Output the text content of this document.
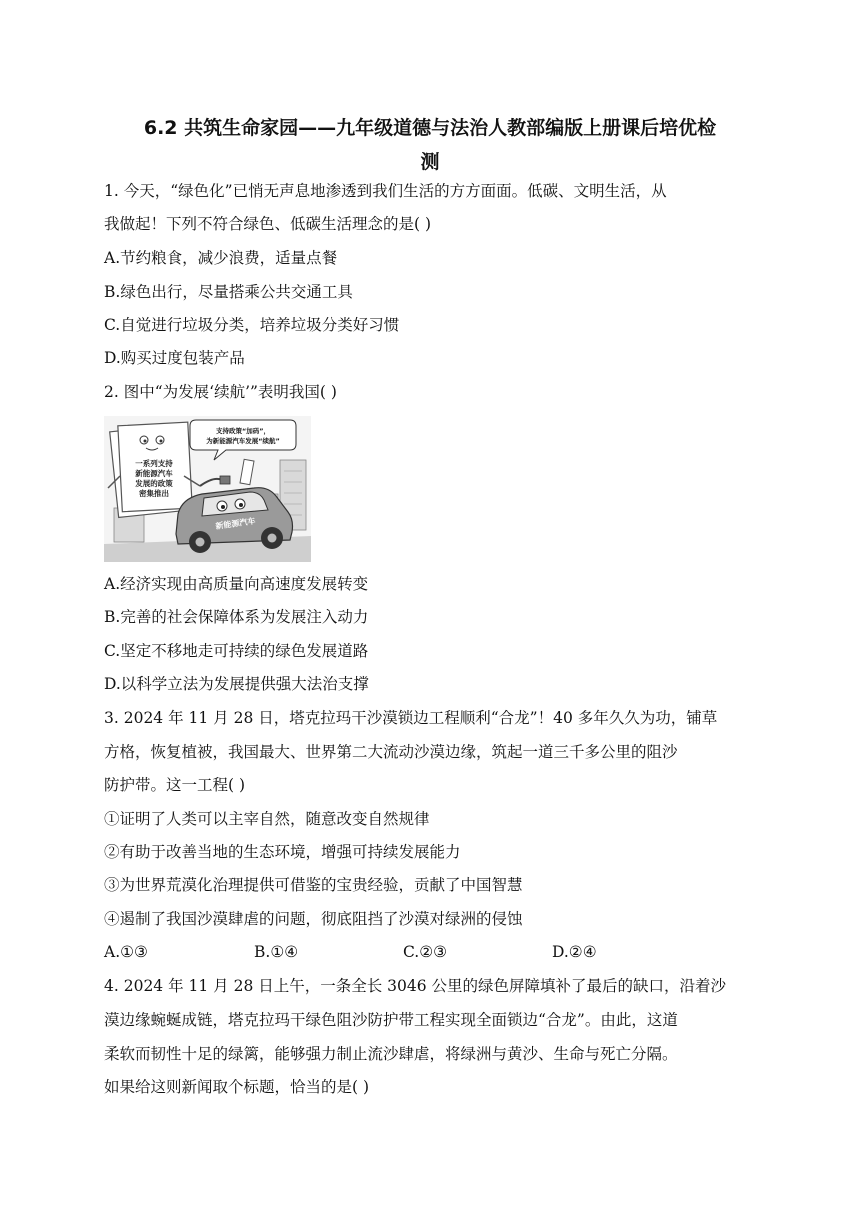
6.2 共筑生命家园——九年级道德与法治人教部编版上册课后培优检
测
1. 今天，“绿色化”已悄无声息地渗透到我们生活的方方面面。低碳、文明生活，从
我做起！下列不符合绿色、低碳生活理念的是( )
A.节约粮食，减少浪费，适量点餐
B.绿色出行，尽量搭乘公共交通工具
C.自觉进行垃圾分类，培养垃圾分类好习惯
D.购买过度包装产品
2. 图中“为发展‘续航’”表明我国( )
一系列支持
新能源汽车
发展的政策
密集推出
支持政策“加码”，
为新能源汽车发展“续航”
新能源汽车
A.经济实现由高质量向高速度发展转变
B.完善的社会保障体系为发展注入动力
C.坚定不移地走可持续的绿色发展道路
D.以科学立法为发展提供强大法治支撑
3. 2024 年 11 月 28 日，塔克拉玛干沙漠锁边工程顺利“合龙”！40 多年久久为功，铺草
方格，恢复植被，我国最大、世界第二大流动沙漠边缘，筑起一道三千多公里的阻沙
防护带。这一工程( )
①证明了人类可以主宰自然，随意改变自然规律
②有助于改善当地的生态环境，增强可持续发展能力
③为世界荒漠化治理提供可借鉴的宝贵经验，贡献了中国智慧
④遏制了我国沙漠肆虐的问题，彻底阻挡了沙漠对绿洲的侵蚀
A.①③	B.①④	C.②③	D.②④
4. 2024 年 11 月 28 日上午，一条全长 3046 公里的绿色屏障填补了最后的缺口，沿着沙
漠边缘蜿蜒成链，塔克拉玛干绿色阻沙防护带工程实现全面锁边“合龙”。由此，这道
柔软而韧性十足的绿篱，能够强力制止流沙肆虐，将绿洲与黄沙、生命与死亡分隔。
如果给这则新闻取个标题，恰当的是( )
